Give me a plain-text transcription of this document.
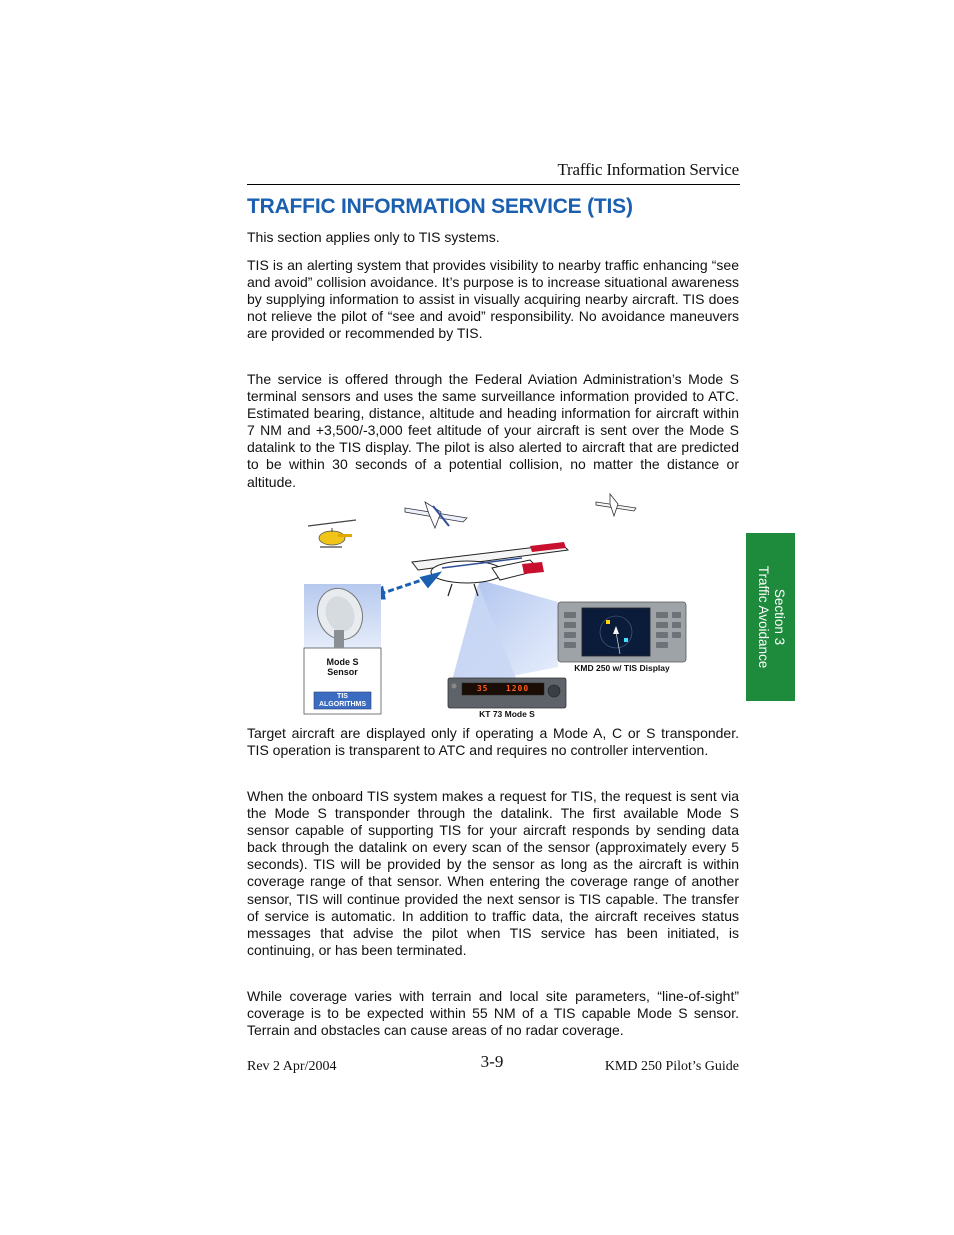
Traffic Information Service
TRAFFIC INFORMATION SERVICE (TIS)

This section applies only to TIS systems.

TIS is an alerting system that provides visibility to nearby traffic enhancing “see and avoid” collision avoidance. It’s purpose is to increase situational awareness by supplying information to assist in visually acquiring nearby aircraft. TIS does not relieve the pilot of “see and avoid” responsibility. No avoidance maneuvers are provided or recommended by TIS.

The service is offered through the Federal Aviation Administration’s Mode S terminal sensors and uses the same surveillance information provided to ATC. Estimated bearing, distance, altitude and heading information for aircraft within 7 NM and +3,500/-3,000 feet altitude of your aircraft is sent over the Mode S datalink to the TIS display. The pilot is also alerted to aircraft that are predicted to be within 30 seconds of a potential collision, no matter the distance or altitude.

Mode S
Sensor
TIS
ALGORITHMS
KMD 250 w/ TIS Display
35   1200
KT 73 Mode S

Target aircraft are displayed only if operating a Mode A, C or S transponder. TIS operation is transparent to ATC and requires no controller intervention.

When the onboard TIS system makes a request for TIS, the request is sent via the Mode S transponder through the datalink. The first available Mode S sensor capable of supporting TIS for your aircraft responds by sending data back through the datalink on every scan of the sensor (approximately every 5 seconds). TIS will be provided by the sensor as long as the aircraft is within coverage range of that sensor. When entering the coverage range of another sensor, TIS will continue provided the next sensor is TIS capable. The transfer of service is automatic. In addition to traffic data, the aircraft receives status messages that advise the pilot when TIS service has been initiated, is continuing, or has been terminated.

While coverage varies with terrain and local site parameters, “line-of-sight” coverage is to be expected within 55 NM of a TIS capable Mode S sensor. Terrain and obstacles can cause areas of no radar coverage.

Section 3
Traffic Avoidance
Rev 2 Apr/2004	3-9	KMD 250 Pilot’s Guide
